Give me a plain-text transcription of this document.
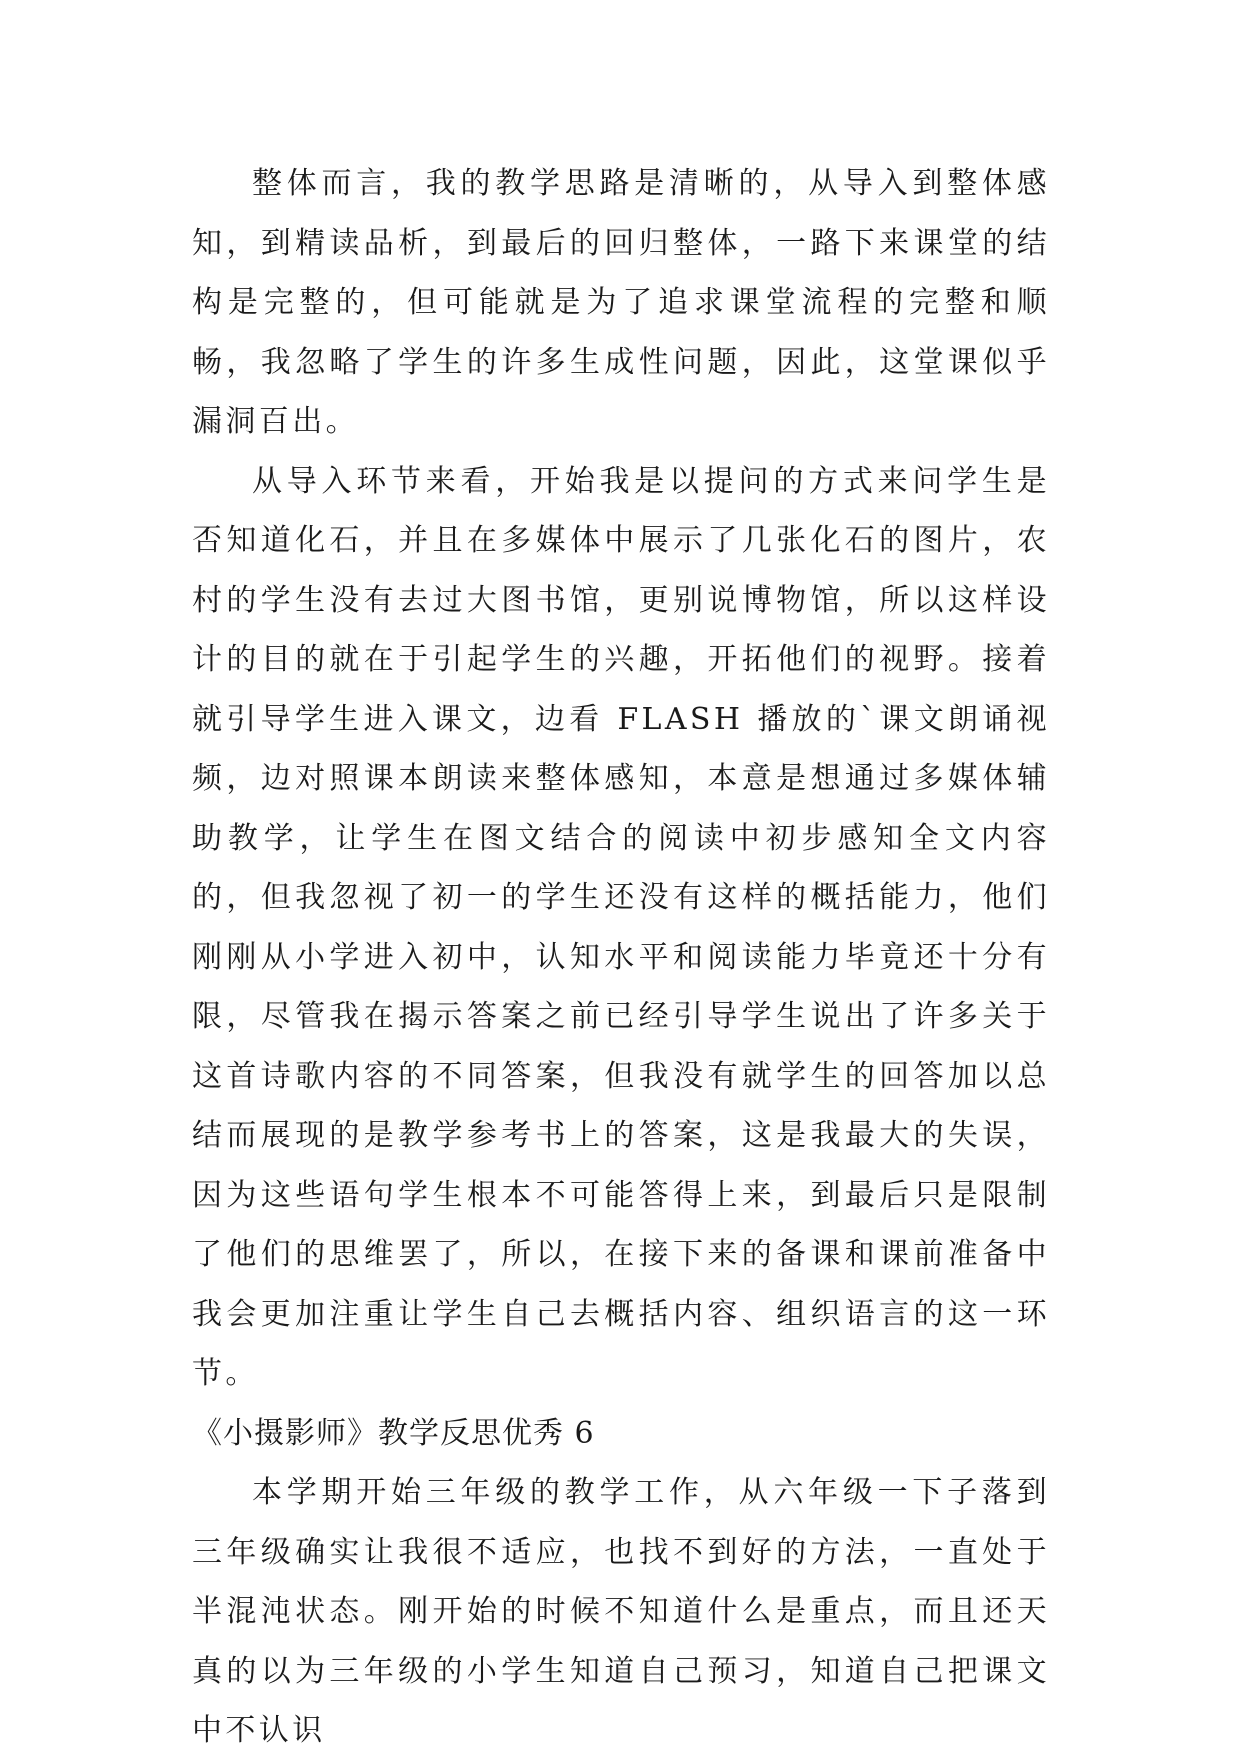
整体而言，我的教学思路是清晰的，从导入到整体感知，到精读品析，到最后的回归整体，一路下来课堂的结构是完整的，但可能就是为了追求课堂流程的完整和顺畅，我忽略了学生的许多生成性问题，因此，这堂课似乎漏洞百出。

从导入环节来看，开始我是以提问的方式来问学生是否知道化石，并且在多媒体中展示了几张化石的图片，农村的学生没有去过大图书馆，更别说博物馆，所以这样设计的目的就在于引起学生的兴趣，开拓他们的视野。接着就引导学生进入课文，边看 FLASH 播放的`课文朗诵视频，边对照课本朗读来整体感知，本意是想通过多媒体辅助教学，让学生在图文结合的阅读中初步感知全文内容的，但我忽视了初一的学生还没有这样的概括能力，他们刚刚从小学进入初中，认知水平和阅读能力毕竟还十分有限，尽管我在揭示答案之前已经引导学生说出了许多关于这首诗歌内容的不同答案，但我没有就学生的回答加以总结而展现的是教学参考书上的答案，这是我最大的失误，因为这些语句学生根本不可能答得上来，到最后只是限制了他们的思维罢了，所以，在接下来的备课和课前准备中我会更加注重让学生自己去概括内容、组织语言的这一环节。

《小摄影师》教学反思优秀 6

本学期开始三年级的教学工作，从六年级一下子落到三年级确实让我很不适应，也找不到好的方法，一直处于半混沌状态。刚开始的时候不知道什么是重点，而且还天真的以为三年级的小学生知道自己预习，知道自己把课文中不认识
